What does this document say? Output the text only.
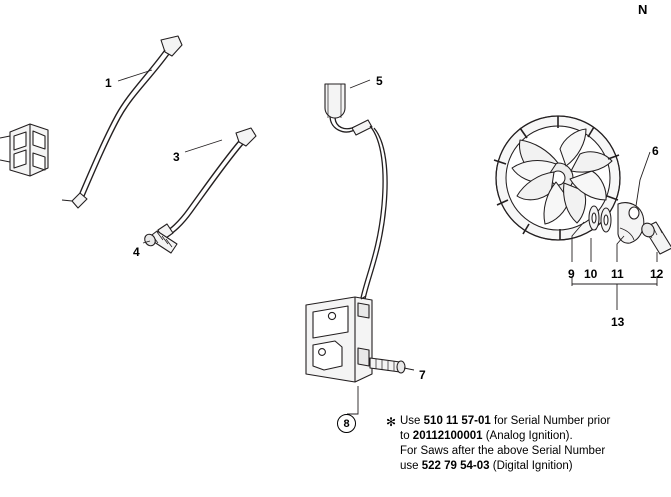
N
1
3
4
5
6
7
9 10 11 12
13
8	✻ Use 510 11 57-01 for Serial Number prior
to 20112100001 (Analog Ignition).
For Saws after the above Serial Number
use 522 79 54-03 (Digital Ignition)
